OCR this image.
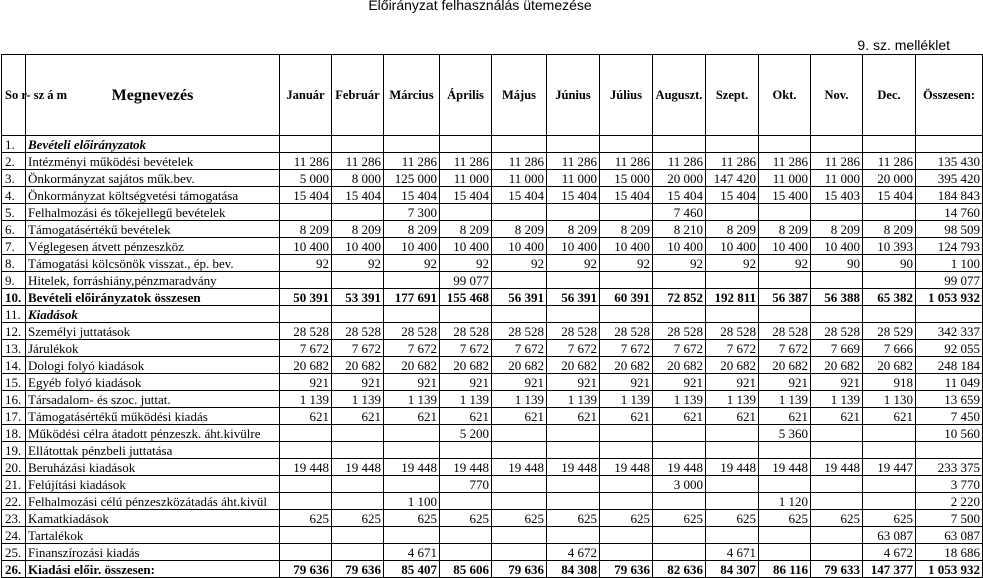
Előirányzat felhasználás ütemezése
9. sz. melléklet
So r- sz á m	Megnevezés	Január	Február	Március	Április	Május	Június	Július	Auguszt.	Szept.	Okt.	Nov.	Dec.	Összesen:
1.	Bevételi előirányzatok													
2.	Intézményi működési bevételek	11 286	11 286	11 286	11 286	11 286	11 286	11 286	11 286	11 286	11 286	11 286	11 286	135 430
3.	Önkormányzat sajátos műk.bev.	5 000	8 000	125 000	11 000	11 000	11 000	15 000	20 000	147 420	11 000	11 000	20 000	395 420
4.	Önkormányzat költségvetési támogatása	15 404	15 404	15 404	15 404	15 404	15 404	15 404	15 404	15 404	15 400	15 403	15 404	184 843
5.	Felhalmozási és tőkejellegű bevételek			7 300					7 460					14 760
6.	Támogatásértékű bevételek	8 209	8 209	8 209	8 209	8 209	8 209	8 209	8 210	8 209	8 209	8 209	8 209	98 509
7.	Véglegesen átvett pénzeszköz	10 400	10 400	10 400	10 400	10 400	10 400	10 400	10 400	10 400	10 400	10 400	10 393	124 793
8.	Támogatási kölcsönök visszat., ép. bev.	92	92	92	92	92	92	92	92	92	92	90	90	1 100
9.	Hitelek, forráshiány,pénzmaradvány				99 077									99 077
10.	Bevételi előirányzatok összesen	50 391	53 391	177 691	155 468	56 391	56 391	60 391	72 852	192 811	56 387	56 388	65 382	1 053 932
11.	Kiadások													
12.	Személyi juttatások	28 528	28 528	28 528	28 528	28 528	28 528	28 528	28 528	28 528	28 528	28 528	28 529	342 337
13.	Járulékok	7 672	7 672	7 672	7 672	7 672	7 672	7 672	7 672	7 672	7 672	7 669	7 666	92 055
14.	Dologi folyó kiadások	20 682	20 682	20 682	20 682	20 682	20 682	20 682	20 682	20 682	20 682	20 682	20 682	248 184
15.	Egyéb folyó kiadások	921	921	921	921	921	921	921	921	921	921	921	918	11 049
16.	Társadalom- és szoc. juttat.	1 139	1 139	1 139	1 139	1 139	1 139	1 139	1 139	1 139	1 139	1 139	1 130	13 659
17.	Támogatásértékű működési kiadás	621	621	621	621	621	621	621	621	621	621	621	621	7 450
18.	Működési célra átadott pénzeszk. áht.kivülre				5 200						5 360			10 560
19.	Ellátottak pénzbeli juttatása													
20.	Beruházási kiadások	19 448	19 448	19 448	19 448	19 448	19 448	19 448	19 448	19 448	19 448	19 448	19 447	233 375
21.	Felújítási kiadások				770				3 000					3 770
22.	Felhalmozási célú pénzeszközátadás áht.kivül			1 100							1 120			2 220
23.	Kamatkiadások	625	625	625	625	625	625	625	625	625	625	625	625	7 500
24.	Tartalékok												63 087	63 087
25.	Finanszírozási kiadás			4 671			4 672			4 671			4 672	18 686
26.	Kiadási előir. összesen:	79 636	79 636	85 407	85 606	79 636	84 308	79 636	82 636	84 307	86 116	79 633	147 377	1 053 932
